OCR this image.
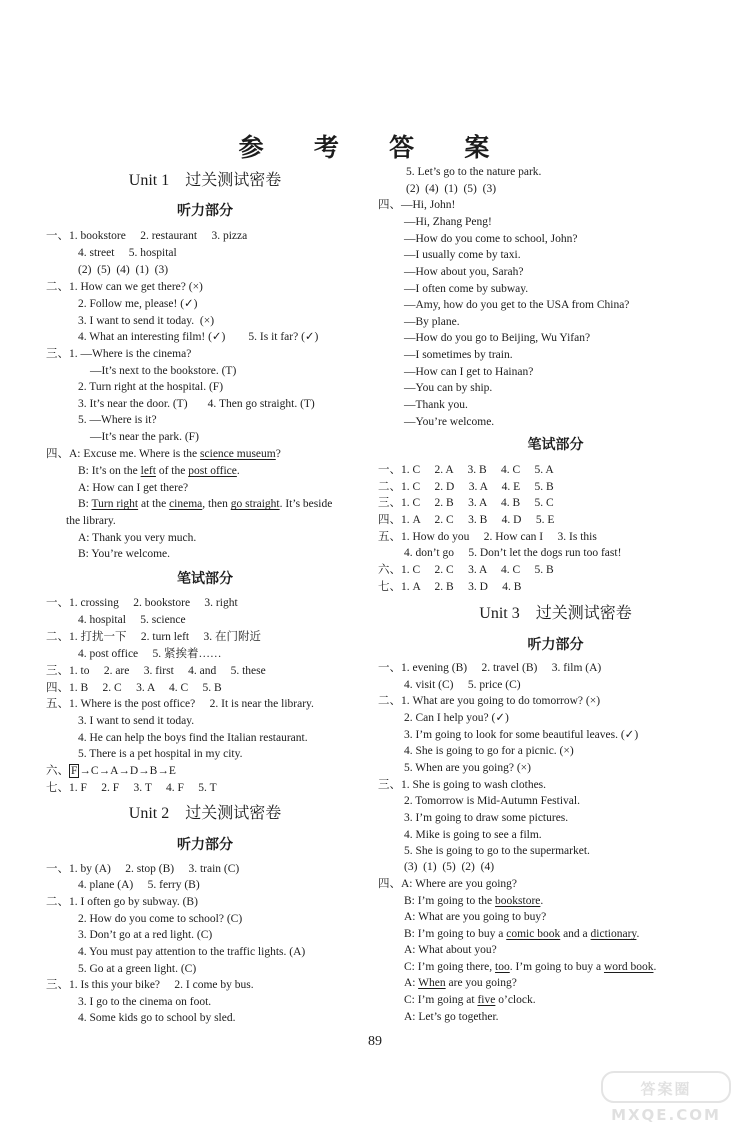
参 考 答 案
Unit 1    过关测试密卷
听力部分
一、1. bookstore     2. restaurant     3. pizza
4. street     5. hospital
(2)  (5)  (4)  (1)  (3)
二、1. How can we get there? (×)
2. Follow me, please! (✓)
3. I want to send it today.  (×)
4. What an interesting film! (✓)        5. Is it far? (✓)
三、1. —Where is the cinema?
—It’s next to the bookstore. (T)
2. Turn right at the hospital. (F)
3. It’s near the door. (T)       4. Then go straight. (T)
5. —Where is it?
—It’s near the park. (F)
四、A: Excuse me. Where is the science museum?
B: It’s on the left of the post office.
A: How can I get there?
B: Turn right at the cinema, then go straight. It’s beside
the library.
A: Thank you very much.
B: You’re welcome.
笔试部分
一、1. crossing     2. bookstore     3. right
4. hospital     5. science
二、1. 打扰一下     2. turn left     3. 在门附近
4. post office     5. 紧挨着……
三、1. to     2. are     3. first     4. and     5. these
四、1. B     2. C     3. A     4. C     5. B
五、1. Where is the post office?     2. It is near the library.
3. I want to send it today.
4. He can help the boys find the Italian restaurant.
5. There is a pet hospital in my city.
六、 F →C→A→D→B→E
七、1. F     2. F     3. T     4. F     5. T
Unit 2    过关测试密卷
听力部分
一、1. by (A)     2. stop (B)     3. train (C)
4. plane (A)     5. ferry (B)
二、1. I often go by subway. (B)
2. How do you come to school? (C)
3. Don’t go at a red light. (C)
4. You must pay attention to the traffic lights. (A)
5. Go at a green light. (C)
三、1. Is this your bike?     2. I come by bus.
3. I go to the cinema on foot.
4. Some kids go to school by sled.
5. Let’s go to the nature park.
(2)  (4)  (1)  (5)  (3)
四、—Hi, John!
—Hi, Zhang Peng!
—How do you come to school, John?
—I usually come by taxi.
—How about you, Sarah?
—I often come by subway.
—Amy, how do you get to the USA from China?
—By plane.
—How do you go to Beijing, Wu Yifan?
—I sometimes by train.
—How can I get to Hainan?
—You can by ship.
—Thank you.
—You’re welcome.
笔试部分
一、1. C     2. A     3. B     4. C     5. A
二、1. C     2. D     3. A     4. E     5. B
三、1. C     2. B     3. A     4. B     5. C
四、1. A     2. C     3. B     4. D     5. E
五、1. How do you     2. How can I     3. Is this
4. don’t go     5. Don’t let the dogs run too fast!
六、1. C     2. C     3. A     4. C     5. B
七、1. A     2. B     3. D     4. B
Unit 3    过关测试密卷
听力部分
一、1. evening (B)     2. travel (B)     3. film (A)
4. visit (C)     5. price (C)
二、1. What are you going to do tomorrow? (×)
2. Can I help you? (✓)
3. I’m going to look for some beautiful leaves. (✓)
4. She is going to go for a picnic. (×)
5. When are you going? (×)
三、1. She is going to wash clothes.
2. Tomorrow is Mid-Autumn Festival.
3. I’m going to draw some pictures.
4. Mike is going to see a film.
5. She is going to go to the supermarket.
(3)  (1)  (5)  (2)  (4)
四、A: Where are you going?
B: I’m going to the bookstore.
A: What are you going to buy?
B: I’m going to buy a comic book and a dictionary.
A: What about you?
C: I’m going there, too. I’m going to buy a word book.
A: When are you going?
C: I’m going at five o’clock.
A: Let’s go together.
89
答案圈
MXQE.COM
